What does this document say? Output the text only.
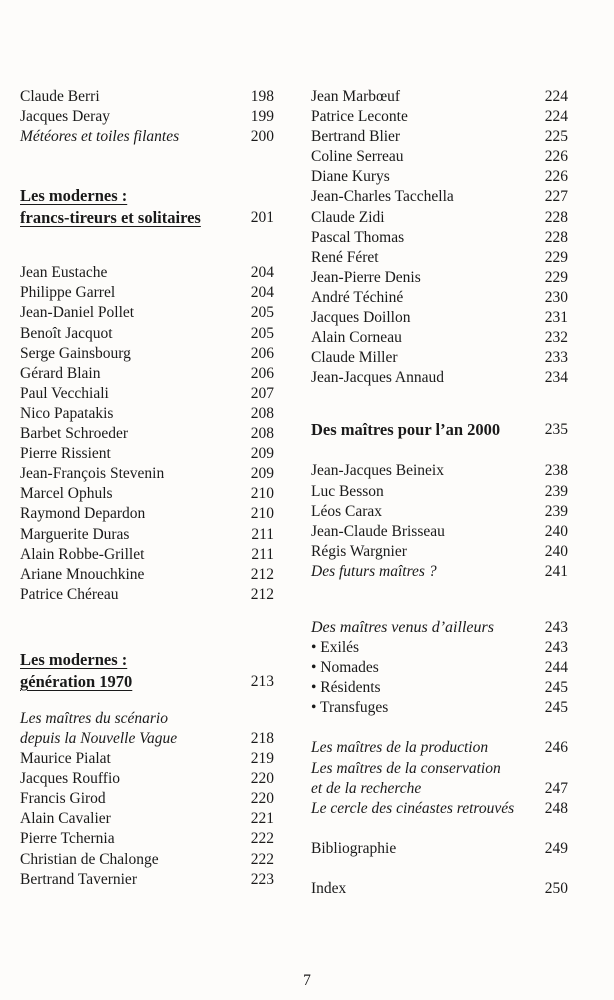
Claude Berri	198
Jacques Deray	199
Météores et toiles filantes	200
Les modernes :
francs-tireurs et solitaires	201
Jean Eustache	204
Philippe Garrel	204
Jean-Daniel Pollet	205
Benoît Jacquot	205
Serge Gainsbourg	206
Gérard Blain	206
Paul Vecchiali	207
Nico Papatakis	208
Barbet Schroeder	208
Pierre Rissient	209
Jean-François Stevenin	209
Marcel Ophuls	210
Raymond Depardon	210
Marguerite Duras	211
Alain Robbe-Grillet	211
Ariane Mnouchkine	212
Patrice Chéreau	212
Les modernes :
génération 1970	213
Les maîtres du scénario
depuis la Nouvelle Vague	218
Maurice Pialat	219
Jacques Rouffio	220
Francis Girod	220
Alain Cavalier	221
Pierre Tchernia	222
Christian de Chalonge	222
Bertrand Tavernier	223
Jean Marbœuf	224
Patrice Leconte	224
Bertrand Blier	225
Coline Serreau	226
Diane Kurys	226
Jean-Charles Tacchella	227
Claude Zidi	228
Pascal Thomas	228
René Féret	229
Jean-Pierre Denis	229
André Téchiné	230
Jacques Doillon	231
Alain Corneau	232
Claude Miller	233
Jean-Jacques Annaud	234
Des maîtres pour l’an 2000	235
Jean-Jacques Beineix	238
Luc Besson	239
Léos Carax	239
Jean-Claude Brisseau	240
Régis Wargnier	240
Des futurs maîtres ?	241
Des maîtres venus d’ailleurs	243
• Exilés	243
• Nomades	244
• Résidents	245
• Transfuges	245
Les maîtres de la production	246
Les maîtres de la conservation
et de la recherche	247
Le cercle des cinéastes retrouvés 248
Bibliographie	249
Index	250
7
